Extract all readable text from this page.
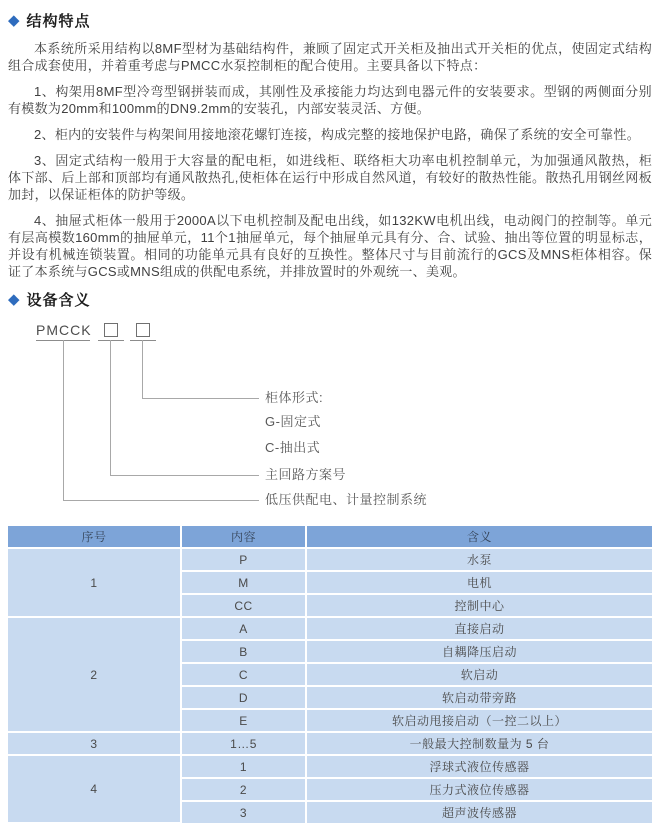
◆ 结构特点

本系统所采用结构以8MF型材为基础结构件，兼顾了固定式开关柜及抽出式开关柜的优点，使固定式结构组合成套使用，并着重考虑与PMCC水泵控制柜的配合使用。主要具备以下特点：

1、构架用8MF型冷弯型钢拼装而成，其刚性及承接能力均达到电器元件的安装要求。型钢的两侧面分别有模数为20mm和100mm的DN9.2mm的安装孔，内部安装灵活、方便。

2、柜内的安装件与构架间用接地滚花螺钉连接，构成完整的接地保护电路，确保了系统的安全可靠性。

3、固定式结构一般用于大容量的配电柜，如进线柜、联络柜大功率电机控制单元，为加强通风散热，柜体下部、后上部和顶部均有通风散热孔,使柜体在运行中形成自然风道，有较好的散热性能。散热孔用钢丝网板加封，以保证柜体的防护等级。

4、抽屉式柜体一般用于2000A以下电机控制及配电出线，如132KW电机出线，电动阀门的控制等。单元有层高模数160mm的抽屉单元，11个1抽屉单元，每个抽屉单元具有分、合、试验、抽出等位置的明显标志，并设有机械连锁装置。相同的功能单元具有良好的互换性。整体尺寸与目前流行的GCS及MNS柜体相容。保证了本系统与GCS或MNS组成的供配电系统，并排放置时的外观统一、美观。

◆ 设备含义
PMCCK
柜体形式:
G-固定式
C-抽出式
主回路方案号
低压供配电、计量控制系统
序号	内容	含义
1	P	水泵
	M	电机
	CC	控制中心
2	A	直接启动
	B	自耦降压启动
	C	软启动
	D	软启动带旁路
	E	软启动甩接启动（一控二以上）
3	1…5	一般最大控制数量为 5 台
4	1	浮球式液位传感器
	2	压力式液位传感器
	3	超声波传感器
